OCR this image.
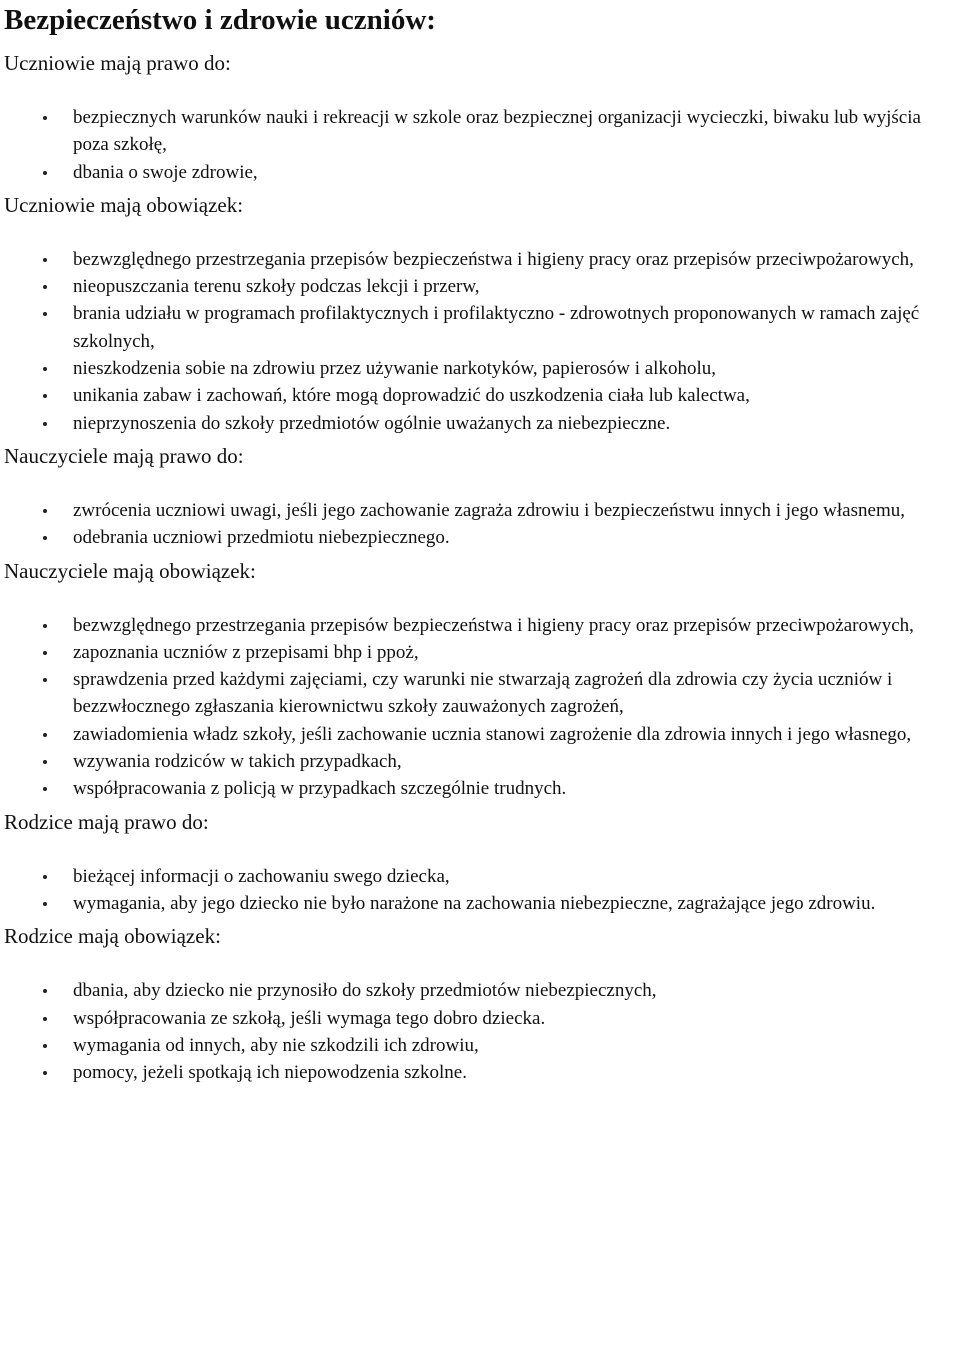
Bezpieczeństwo i zdrowie uczniów:
Uczniowie mają prawo do:
bezpiecznych warunków nauki i rekreacji w szkole oraz bezpiecznej organizacji wycieczki, biwaku lub wyjścia poza szkołę,
dbania o swoje zdrowie,
Uczniowie mają obowiązek:
bezwzględnego przestrzegania przepisów bezpieczeństwa i higieny pracy oraz przepisów przeciwpożarowych,
nieopuszczania terenu szkoły podczas lekcji i przerw,
brania udziału w programach profilaktycznych i profilaktyczno - zdrowotnych proponowanych w ramach zajęć szkolnych,
nieszkodzenia sobie na zdrowiu przez używanie narkotyków, papierosów i alkoholu,
unikania zabaw i zachowań, które mogą doprowadzić do uszkodzenia ciała lub kalectwa,
nieprzynoszenia do szkoły przedmiotów ogólnie uważanych za niebezpieczne.
Nauczyciele mają prawo do:
zwrócenia uczniowi uwagi, jeśli jego zachowanie zagraża zdrowiu i bezpieczeństwu innych i jego własnemu,
odebrania uczniowi przedmiotu niebezpiecznego.
Nauczyciele mają obowiązek:
bezwzględnego przestrzegania przepisów bezpieczeństwa i higieny pracy oraz przepisów przeciwpożarowych,
zapoznania uczniów z przepisami bhp i ppoż,
sprawdzenia przed każdymi zajęciami, czy warunki nie stwarzają zagrożeń dla zdrowia czy życia uczniów i bezzwłocznego zgłaszania kierownictwu szkoły zauważonych zagrożeń,
zawiadomienia władz szkoły, jeśli zachowanie ucznia stanowi zagrożenie dla zdrowia innych i jego własnego,
wzywania rodziców w takich przypadkach,
współpracowania z policją w przypadkach szczególnie trudnych.
Rodzice mają prawo do:
bieżącej informacji o zachowaniu swego dziecka,
wymagania, aby jego dziecko nie było narażone na zachowania niebezpieczne, zagrażające jego zdrowiu.
Rodzice mają obowiązek:
dbania, aby dziecko nie przynosiło do szkoły przedmiotów niebezpiecznych,
współpracowania ze szkołą, jeśli wymaga tego dobro dziecka.
wymagania od innych, aby nie szkodzili ich zdrowiu,
pomocy, jeżeli spotkają ich niepowodzenia szkolne.
